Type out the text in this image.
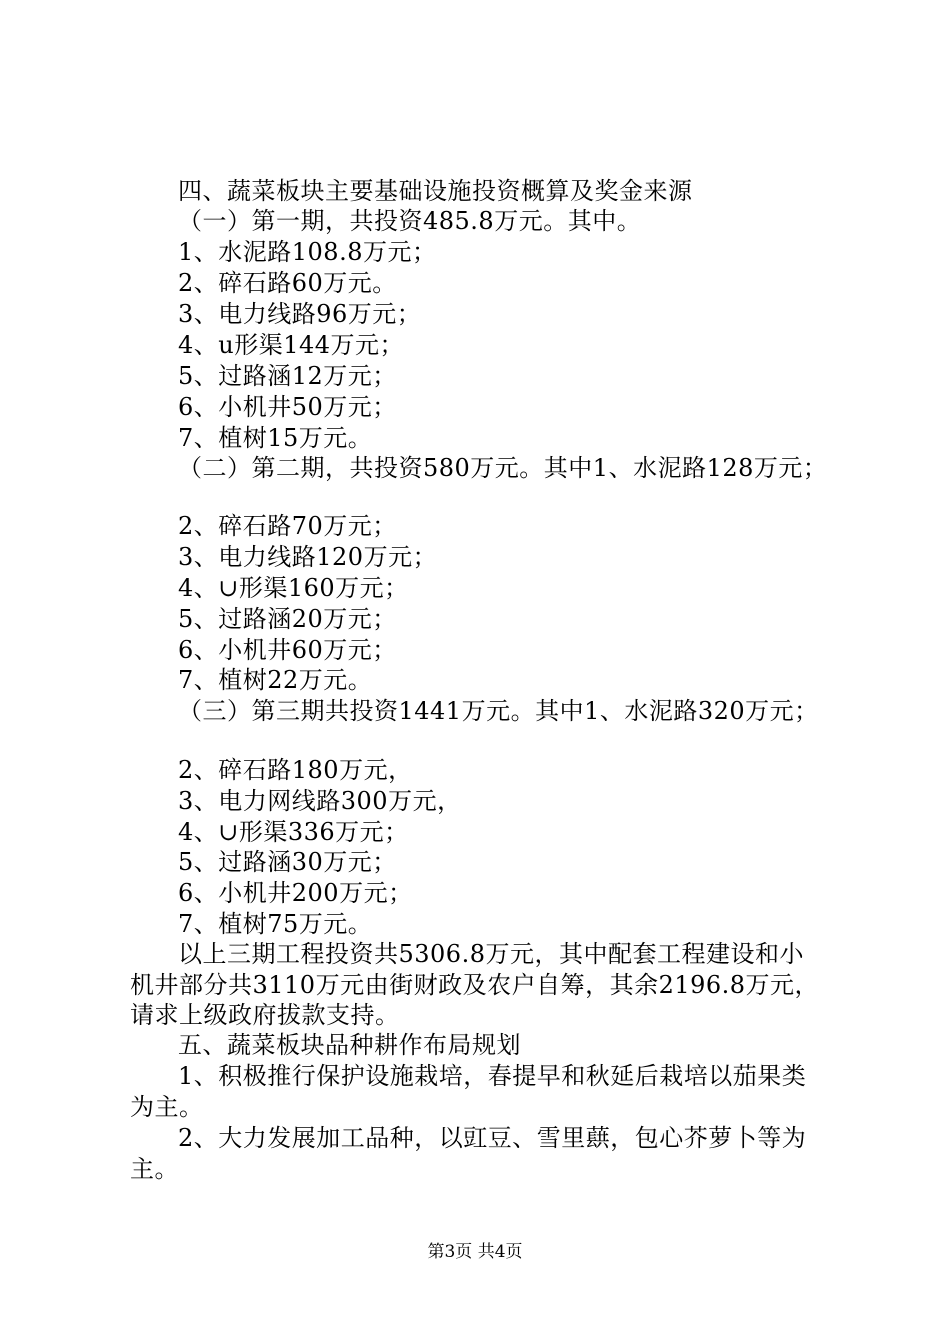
四、蔬菜板块主要基础设施投资概算及奖金来源

（一）第一期，共投资485.8万元。其中。

1、水泥路108.8万元；

2、碎石路60万元。

3、电力线路96万元；

4、u形渠144万元；

5、过路涵12万元；

6、小机井50万元；

7、植树15万元。

（二）第二期，共投资580万元。其中1、水泥路128万元；

2、碎石路70万元；

3、电力线路120万元；

4、∪形渠160万元；

5、过路涵20万元；

6、小机井60万元；

7、植树22万元。

（三）第三期共投资1441万元。其中1、水泥路320万元；

2、碎石路180万元，

3、电力网线路300万元，

4、∪形渠336万元；

5、过路涵30万元；

6、小机井200万元；

7、植树75万元。

以上三期工程投资共5306.8万元，其中配套工程建设和小

机井部分共3110万元由街财政及农户自筹，其余2196.8万元，

请求上级政府拔款支持。

五、蔬菜板块品种耕作布局规划

1、积极推行保护设施栽培，春提早和秋延后栽培以茄果类

为主。

2、大力发展加工品种，以豇豆、雪里蕻，包心芥萝卜等为

主。

第3页 共4页
